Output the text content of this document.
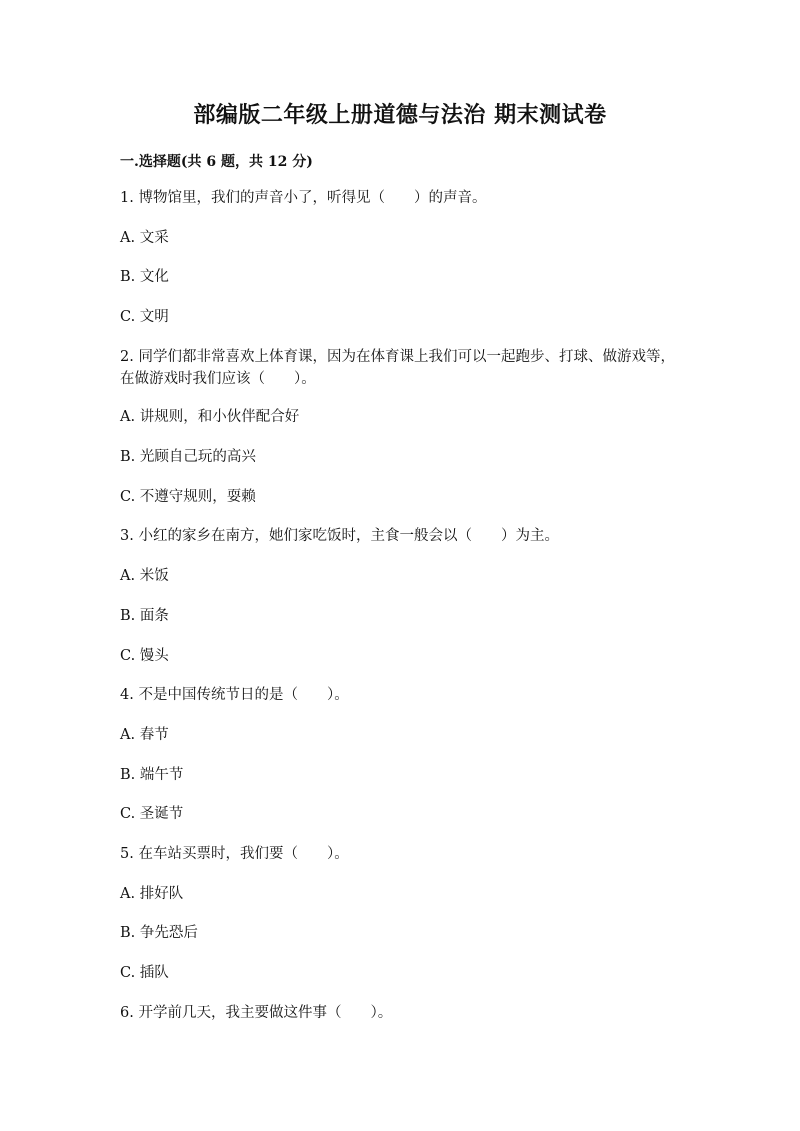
部编版二年级上册道德与法治 期末测试卷
一.选择题(共 6 题，共 12 分)
1. 博物馆里，我们的声音小了，听得见（　　）的声音。
A. 文采
B. 文化
C. 文明
2. 同学们都非常喜欢上体育课，因为在体育课上我们可以一起跑步、打球、做游戏等，在做游戏时我们应该（　　）。
A. 讲规则，和小伙伴配合好
B. 光顾自己玩的高兴
C. 不遵守规则，耍赖
3. 小红的家乡在南方，她们家吃饭时，主食一般会以（　　）为主。
A. 米饭
B. 面条
C. 馒头
4. 不是中国传统节日的是（　　）。
A. 春节
B. 端午节
C. 圣诞节
5. 在车站买票时，我们要（　　）。
A. 排好队
B. 争先恐后
C. 插队
6. 开学前几天，我主要做这件事（　　）。
